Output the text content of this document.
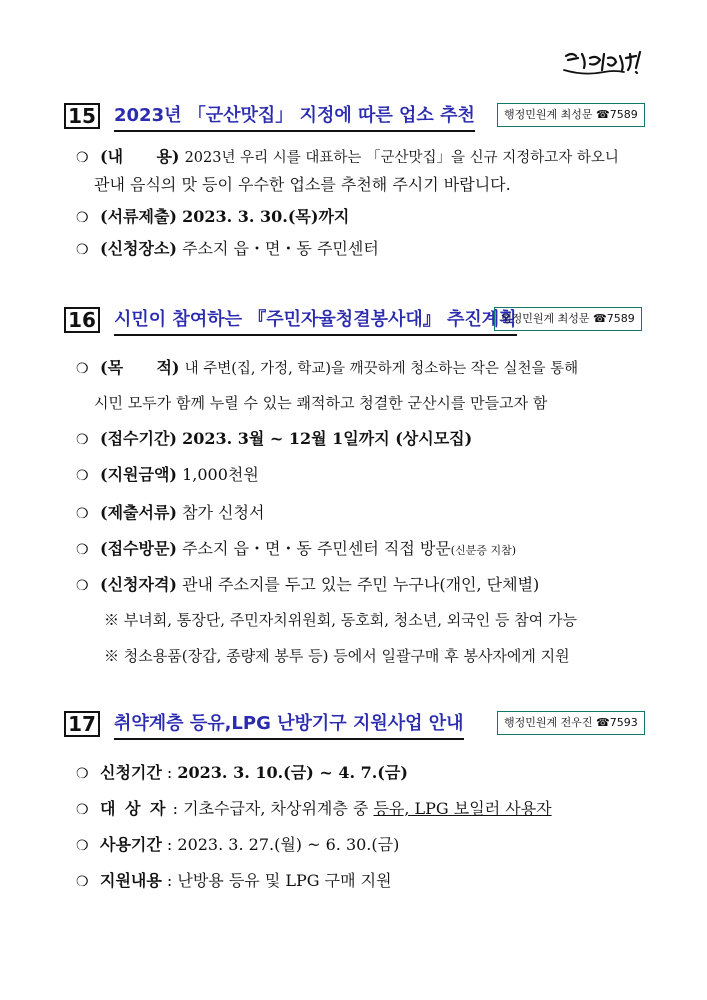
15 2023년 「군산맛집」 지정에 따른 업소 추천	행정민원계 최성문 ☎7589
❍ (내      용) 2023년 우리 시를 대표하는 「군산맛집」을 신규 지정하고자 하오니
관내 음식의 맛 등이 우수한 업소를 추천해 주시기 바랍니다.
❍ (서류제출) 2023. 3. 30.(목)까지
❍ (신청장소) 주소지 읍・면・동 주민센터
16 시민이 참여하는 『주민자율청결봉사대』 추진계획
행정민원계 최성문 ☎7589
❍ (목      적) 내 주변(집, 가정, 학교)을 깨끗하게 청소하는 작은 실천을 통해
시민 모두가 함께 누릴 수 있는 쾌적하고 청결한 군산시를 만들고자 함
❍ (접수기간) 2023. 3월 ~ 12월 1일까지 (상시모집)
❍ (지원금액) 1,000천원
❍ (제출서류) 참가 신청서
❍ (접수방문) 주소지 읍・면・동 주민센터 직접 방문(신분증 지참)
❍ (신청자격) 관내 주소지를 두고 있는 주민 누구나(개인, 단체별)
※ 부녀회, 통장단, 주민자치위원회, 동호회, 청소년, 외국인 등 참여 가능
※ 청소용품(장갑, 종량제 봉투 등) 등에서 일괄구매 후 봉사자에게 지원
17 취약계층 등유,LPG 난방기구 지원사업 안내	행정민원계 전우진 ☎7593
❍ 신청기간 : 2023. 3. 10.(금) ~ 4. 7.(금)
❍ 대 상 자 : 기초수급자, 차상위계층 중 등유, LPG 보일러 사용자
❍ 사용기간 : 2023. 3. 27.(월) ~ 6. 30.(금)
❍ 지원내용 : 난방용 등유 및 LPG 구매 지원
